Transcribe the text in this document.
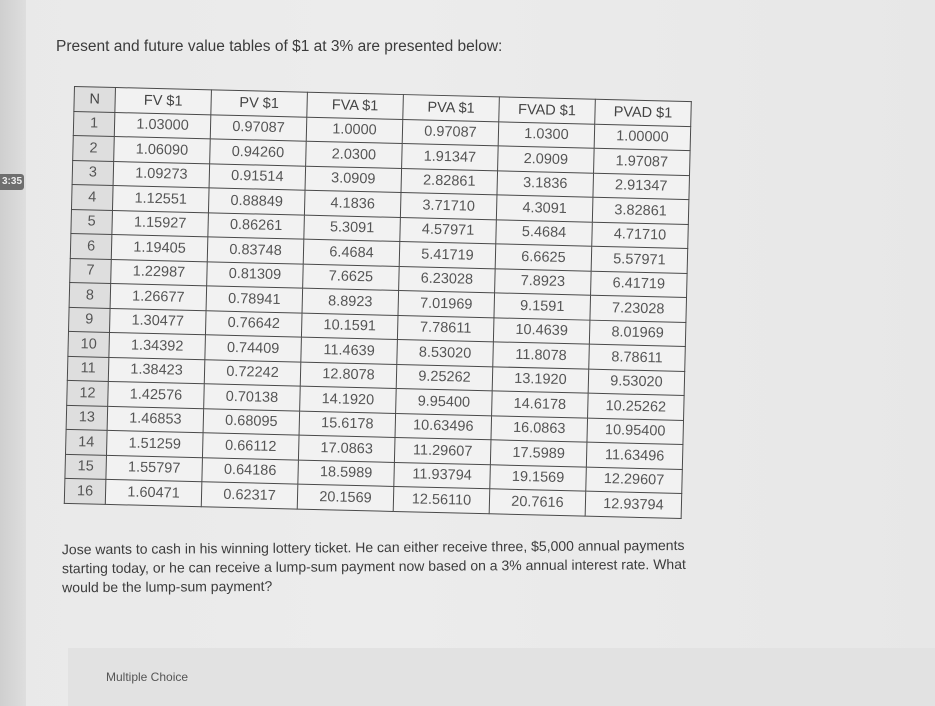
3:35
Present and future value tables of $1 at 3% are presented below:
N	FV $1	PV $1	FVA $1	PVA $1	FVAD $1	PVAD $1
1	1.03000	0.97087	1.0000	0.97087	1.0300	1.00000
2	1.06090	0.94260	2.0300	1.91347	2.0909	1.97087
3	1.09273	0.91514	3.0909	2.82861	3.1836	2.91347
4	1.12551	0.88849	4.1836	3.71710	4.3091	3.82861
5	1.15927	0.86261	5.3091	4.57971	5.4684	4.71710
6	1.19405	0.83748	6.4684	5.41719	6.6625	5.57971
7	1.22987	0.81309	7.6625	6.23028	7.8923	6.41719
8	1.26677	0.78941	8.8923	7.01969	9.1591	7.23028
9	1.30477	0.76642	10.1591	7.78611	10.4639	8.01969
10	1.34392	0.74409	11.4639	8.53020	11.8078	8.78611
11	1.38423	0.72242	12.8078	9.25262	13.1920	9.53020
12	1.42576	0.70138	14.1920	9.95400	14.6178	10.25262
13	1.46853	0.68095	15.6178	10.63496	16.0863	10.95400
14	1.51259	0.66112	17.0863	11.29607	17.5989	11.63496
15	1.55797	0.64186	18.5989	11.93794	19.1569	12.29607
16	1.60471	0.62317	20.1569	12.56110	20.7616	12.93794
Jose wants to cash in his winning lottery ticket. He can either receive three, $5,000 annual payments starting today, or he can receive a lump-sum payment now based on a 3% annual interest rate. What would be the lump-sum payment?
Multiple Choice
